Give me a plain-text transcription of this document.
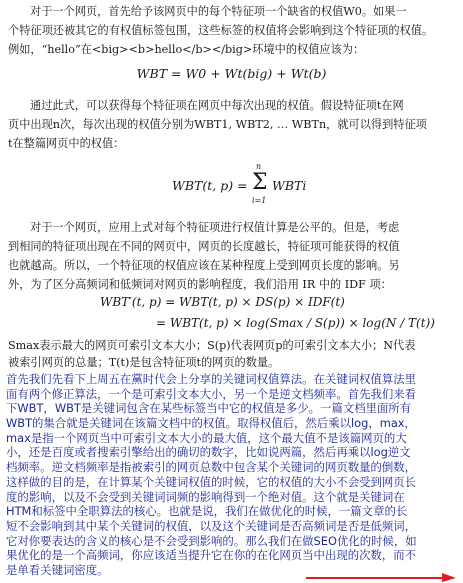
对于一个网页，首先给予该网页中的每个特征项一个缺省的权值W0。如果一
个特征项还被其它的有权值标签包围，这些标签的权值将会影响到这个特征项的权值。
例如，“hello”在<big><b>hello</b></big>环境中的权值应该为：
WBT = W0 + Wt(big) + Wt(b)
通过此式，可以获得每个特征项在网页中每次出现的权值。假设特征项t在网
页中出现n次，每次出现的权值分别为WBT1, WBT2, … WBTn，就可以得到特征项
t在整篇网页中的权值：
WBT(t, p) =
n
Σ
i=1
WBTi
对于一个网页，应用上式对每个特征项进行权值计算是公平的。但是，考虑
到相同的特征项出现在不同的网页中，网页的长度越长，特征项可能获得的权值
也就越高。所以，一个特征项的权值应该在某种程度上受到网页长度的影响。另
外，为了区分高频词和低频词对网页的影响程度，我们沿用 IR 中的 IDF 项：
WBT′(t, p) = WBT(t, p) × DS(p) × IDF(t)
= WBT(t, p) × log(Smax / S(p)) × log(N / T(t))
Smax表示最大的网页可索引文本大小；S(p)代表网页p的可索引文本大小；N代表
被索引网页的总量；T(t)是包含特征项t的网页的数量。
首先我们先看下上周五在黨时代会上分享的关键词权值算法。在关键词权值算法里
面有两个修正算法，一个是可索引文本大小，另一个是逆文档频率。首先我们来看
下WBT，WBT是关键词包含在某些标签当中它的权值是多少。一篇文档里面所有
WBT的集合就是关键词在该篇文档中的权值。取得权值后，然后乘以log，max，
max是指一个网页当中可索引文本大小的最大值，这个最大值不是该篇网页的大
小，还是百度或者搜索引擎给出的确切的数字，比如说两篇，然后再乘以log逆文
档频率。逆文档频率是指被索引的网页总数中包含某个关键词的网页数量的倒数，
这样做的目的是，在计算某个关键词权值的时候，它的权值的大小不会受到网页长
度的影响，以及不会受到关键词词频的影响得到一个绝对值。这个就是关键词在
HTM和标签中全职算法的核心。也就是说，我们在做优化的时候，一篇文章的长
短不会影响到其中某个关键词的权值，以及这个关键词是否高频词是否是低频词，
它对你要表达的含义的核心是不会受到影响的。那么我们在做SEO优化的时候，如
果优化的是一个高频词，你应该适当提升它在你的在化网页当中出现的次数，而不
是单看关键词密度。
